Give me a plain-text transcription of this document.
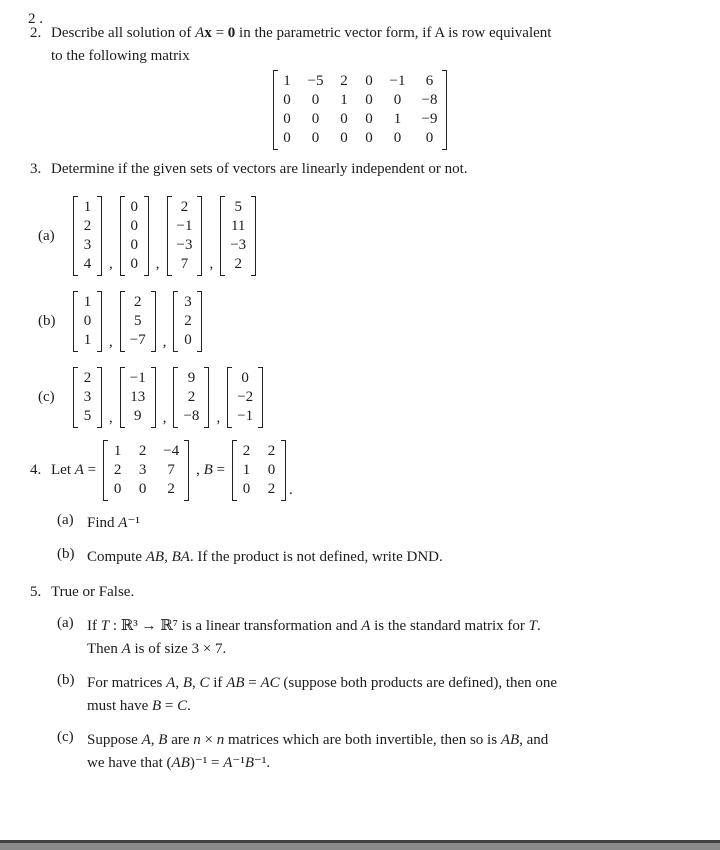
2 .
2. Describe all solution of Ax = 0 in the parametric vector form, if A is row equivalent
to the following matrix
1 −5 2 0 −1 6
0 0 1 0 0 −8
0 0 0 0 1 −9
0 0 0 0 0 0
3. Determine if the given sets of vectors are linearly independent or not.
(a)
1
2
3
4 ,
0
0
0
0 ,
2
−1
−3
7 ,
5
11
−3
2
(b)
1
0
1 ,
2
5
−7 ,
3
2
0
(c)
2
3
5 ,
−1
13
9 ,
9
2
−8 ,
0
−2
−1
4. Let A =
1 2 −4
2 3 7
0 0 2
, B =
2 2
1 0
0 2 .
(a) Find A⁻¹
(b) Compute AB, BA. If the product is not defined, write DND.
5. True or False.
(a) If T : ℝ³ → ℝ⁷ is a linear transformation and A is the standard matrix for T.
Then A is of size 3 × 7.
(b) For matrices A, B, C if AB = AC (suppose both products are defined), then one
must have B = C.
(c) Suppose A, B are n × n matrices which are both invertible, then so is AB, and
we have that (AB)⁻¹ = A⁻¹B⁻¹.
